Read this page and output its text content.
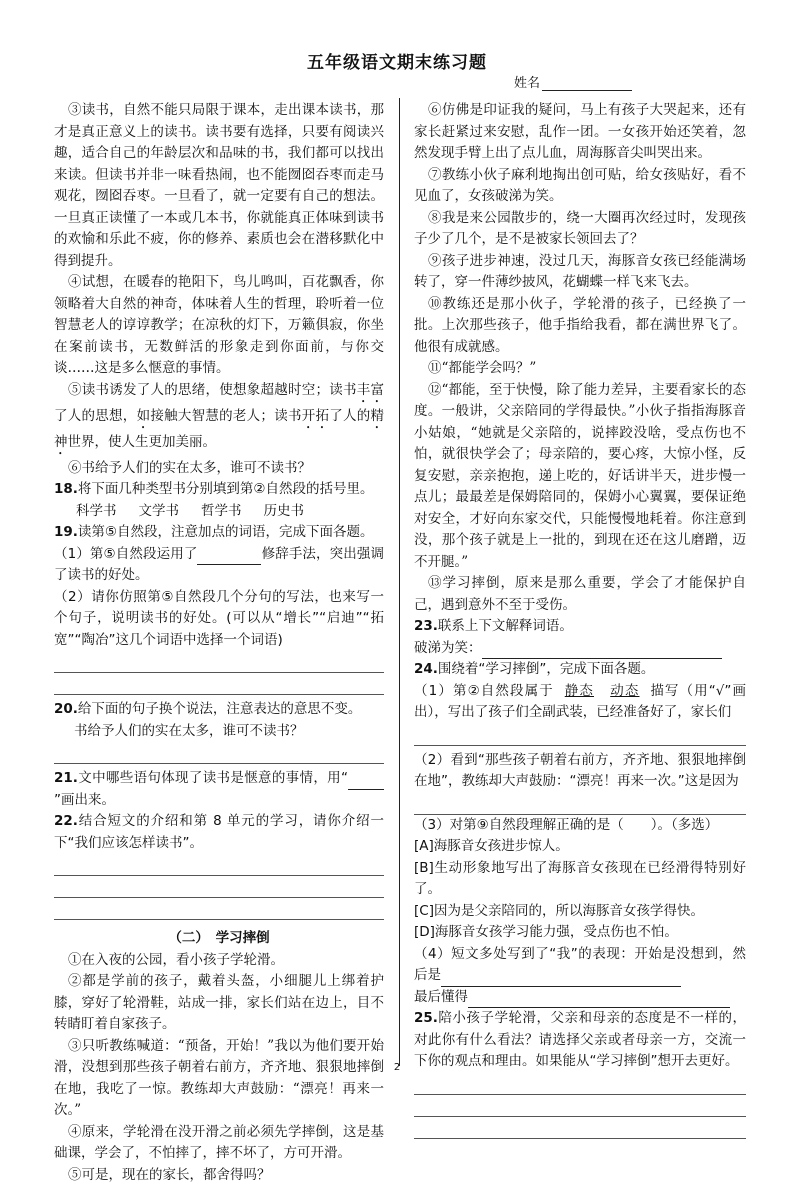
五年级语文期末练习题
姓名

③读书，自然不能只局限于课本，走出课本读书，那才是真正意义上的读书。读书要有选择，只要有阅读兴趣，适合自己的年龄层次和品味的书，我们都可以找出来读。但读书并非一味看热闹，也不能囫囵吞枣而走马观花，囫囵吞枣。一旦看了，就一定要有自己的想法。一旦真正读懂了一本或几本书，你就能真正体味到读书的欢愉和乐此不疲，你的修养、素质也会在潜移默化中得到提升。

④试想，在暖春的艳阳下，鸟儿鸣叫，百花飘香，你领略着大自然的神奇，体味着人生的哲理，聆听着一位智慧老人的谆谆教学；在凉秋的灯下，万籁俱寂，你坐在案前读书，无数鲜活的形象走到你面前，与你交谈……这是多么惬意的事情。

⑤读书诱发了人的思绪，使想象超越时空；读书丰富了人的思想，如接触大智慧的老人；读书开拓了人的精神世界，使人生更加美丽。

⑥书给予人们的实在太多，谁可不读书？

18.将下面几种类型书分别填到第②自然段的括号里。

科学书 文学书 哲学书 历史书

19.读第⑤自然段，注意加点的词语，完成下面各题。

（1）第⑤自然段运用了	修辞手法，突出强调了读书的好处。

（2）请你仿照第⑤自然段几个分句的写法，也来写一个句子，说明读书的好处。(可以从“增长”“启迪”“拓宽”“陶冶”这几个词语中选择一个词语)

20.给下面的句子换个说法，注意表达的意思不变。

书给予人们的实在太多，谁可不读书？

21.文中哪些语句体现了读书是惬意的事情，用“”画出来。

22.结合短文的介绍和第 8 单元的学习，请你介绍一下“我们应该怎样读书”。

（二）　学习摔倒

①在入夜的公园，看小孩子学轮滑。

②都是学前的孩子，戴着头盔，小细腿儿上绑着护膝，穿好了轮滑鞋，站成一排，家长们站在边上，目不转睛盯着自家孩子。

③只听教练喊道：“预备，开始！”我以为他们要开始滑，没想到那些孩子朝着右前方，齐齐地、狠狠地摔倒在地，我吃了一惊。教练却大声鼓励：“漂亮！再来一次。”

④原来，学轮滑在没开滑之前必须先学摔倒，这是基础课，学会了，不怕摔了，摔不坏了，方可开滑。

⑤可是，现在的家长，都舍得吗？

⑥仿佛是印证我的疑问，马上有孩子大哭起来，还有家长赶紧过来安慰，乱作一团。一女孩开始还笑着，忽然发现手臂上出了点儿血，周海豚音尖叫哭出来。

⑦教练小伙子麻利地掏出创可贴，给女孩贴好，看不见血了，女孩破涕为笑。

⑧我是来公园散步的，绕一大圈再次经过时，发现孩子少了几个，是不是被家长领回去了？

⑨孩子进步神速，没过几天，海豚音女孩已经能满场转了，穿一件薄纱披风，花蝴蝶一样飞来飞去。

⑩教练还是那小伙子，学轮滑的孩子，已经换了一批。上次那些孩子，他手指给我看，都在满世界飞了。他很有成就感。

⑪“都能学会吗？”

⑫“都能，至于快慢，除了能力差异，主要看家长的态度。一般讲，父亲陪同的学得最快。”小伙子指指海豚音小姑娘，“她就是父亲陪的，说摔跤没啥，受点伤也不怕，就很快学会了；母亲陪的，要心疼，大惊小怪，反复安慰，亲亲抱抱，递上吃的，好话讲半天，进步慢一点儿；最最差是保姆陪同的，保姆小心翼翼，要保证绝对安全，才好向东家交代，只能慢慢地耗着。你注意到没，那个孩子就是上一批的，到现在还在这儿磨蹭，迈不开腿。”

⑬学习摔倒，原来是那么重要，学会了才能保护自己，遇到意外不至于受伤。

23.联系上下文解释词语。

破涕为笑：

24.围绕着“学习摔倒”，完成下面各题。

（1）第②自然段属于 静态 动态 描写（用“√”画出），写出了孩子们全副武装，已经准备好了，家长们

（2）看到“那些孩子朝着右前方，齐齐地、狠狠地摔倒在地”，教练却大声鼓励：“漂亮！再来一次。”这是因为

（3）对第⑨自然段理解正确的是（　　）。（多选）

[A]海豚音女孩进步惊人。

[B]生动形象地写出了海豚音女孩现在已经滑得特别好了。

[C]因为是父亲陪同的，所以海豚音女孩学得快。

[D]海豚音女孩学习能力强，受点伤也不怕。

（4）短文多处写到了“我”的表现：开始是没想到，然后是

最后懂得

25.陪小孩子学轮滑，父亲和母亲的态度是不一样的，对此你有什么看法？请选择父亲或者母亲一方，交流一下你的观点和理由。如果能从“学习摔倒”想开去更好。

2
